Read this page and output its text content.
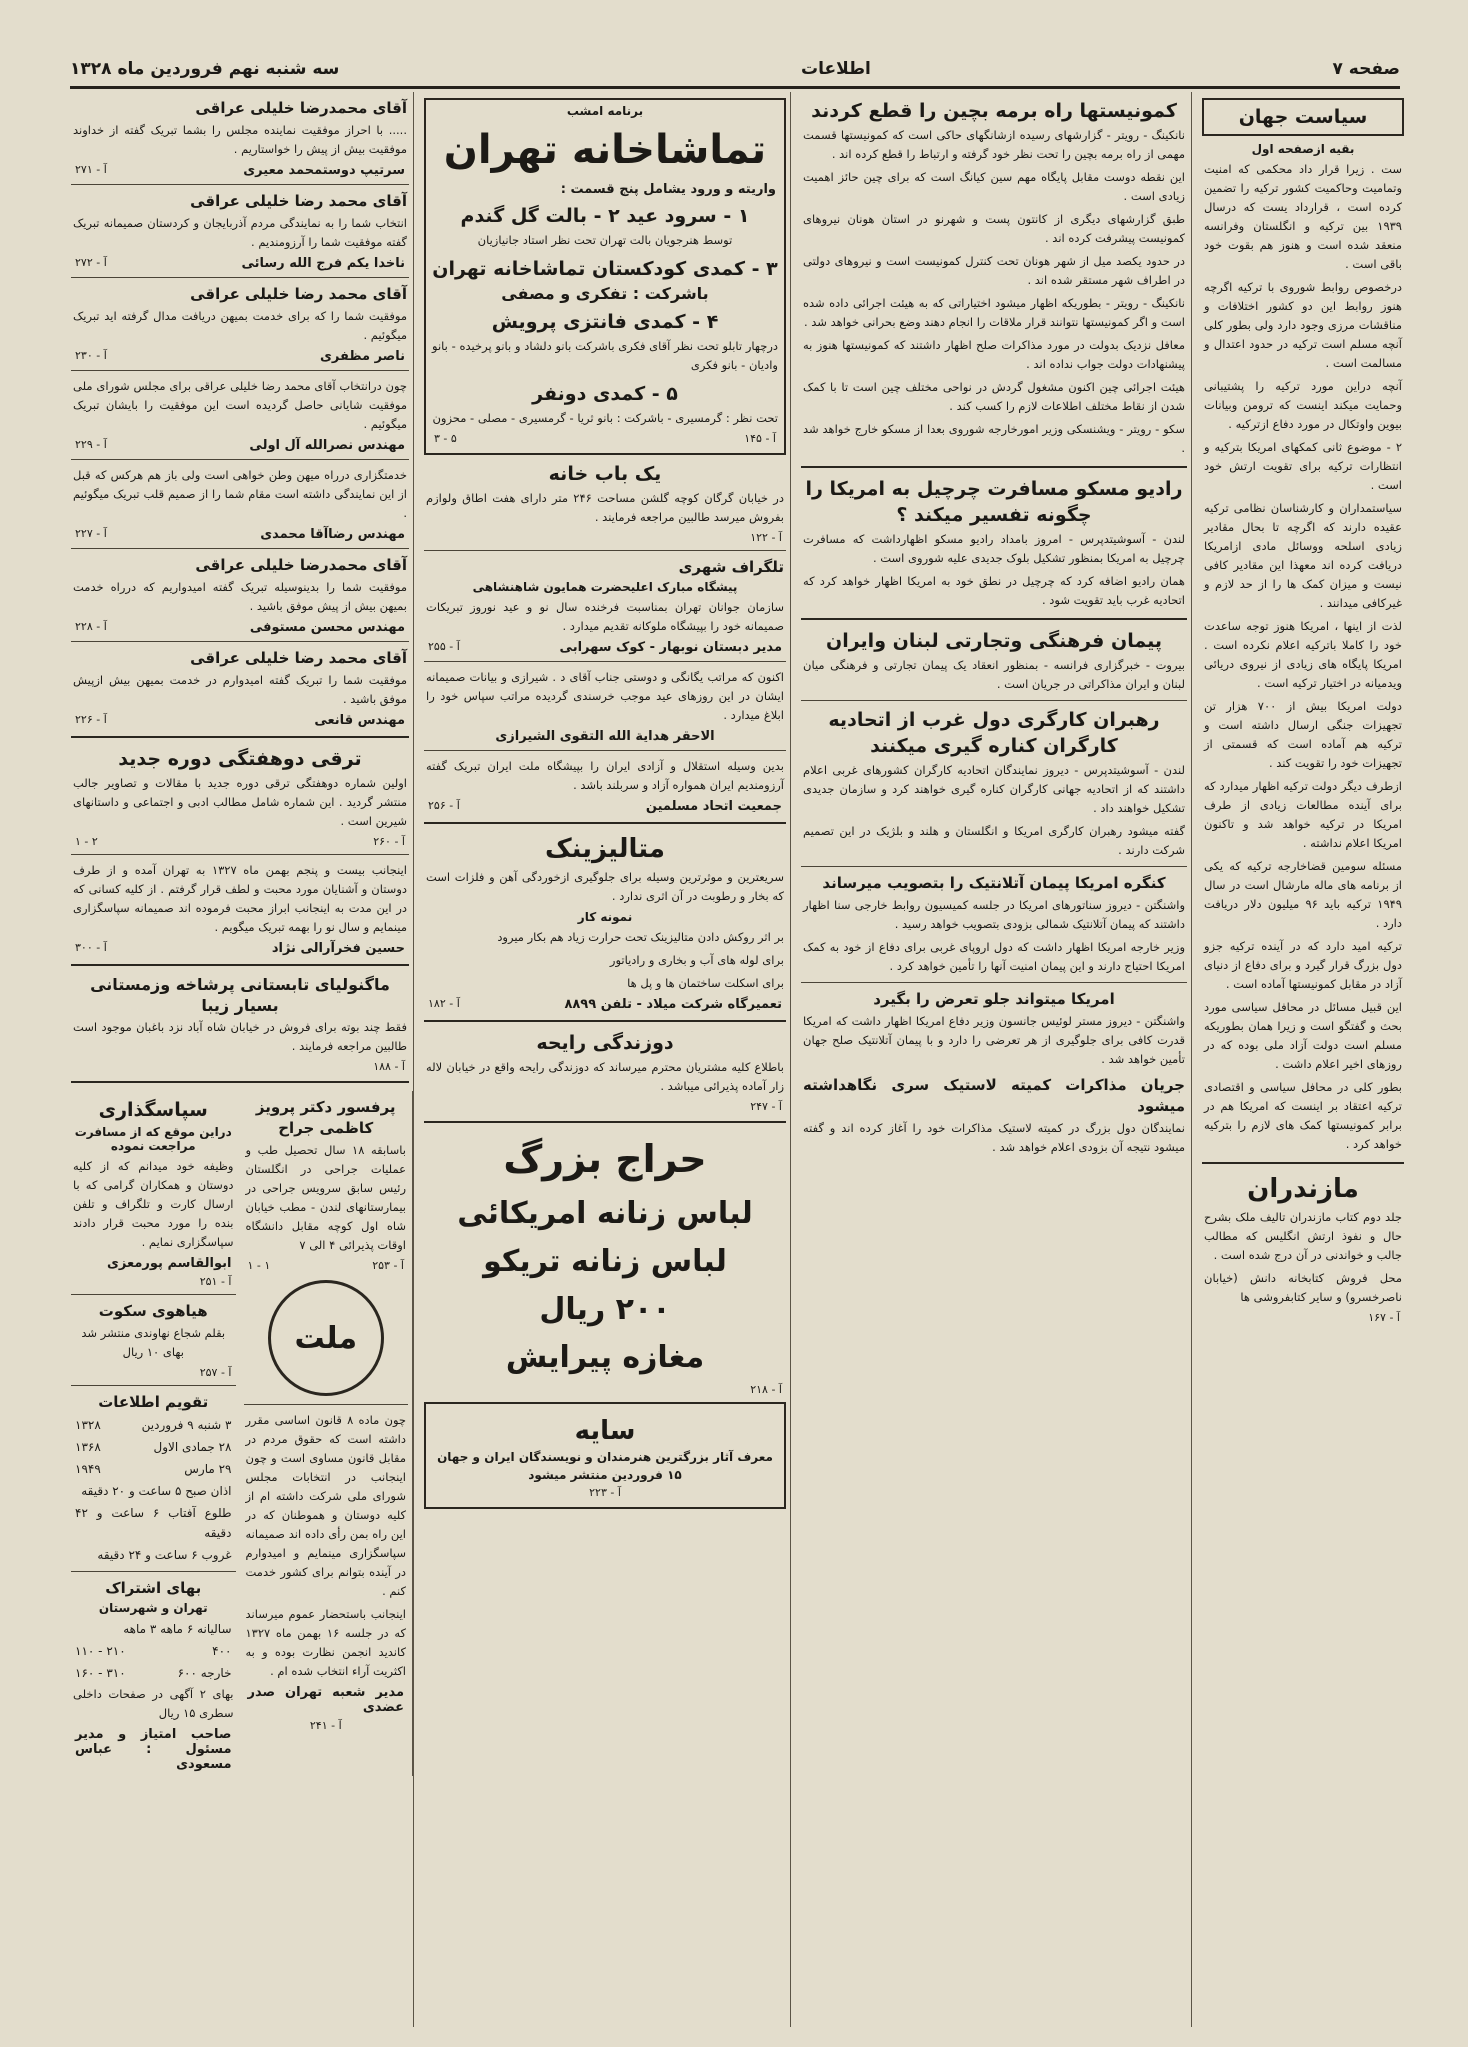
صفحه ۷
اطلاعات
سه شنبه نهم فروردین ماه ۱۳۲۸
سیاست جهان
بقیه ازصفحه اول

ست . زیرا قرار داد محکمی که امنیت وتمامیت وحاکمیت کشور ترکیه را تضمین کرده است ، قرارداد یست که درسال ۱۹۳۹ بین ترکیه و انگلستان وفرانسه منعقد شده است و هنوز هم بقوت خود باقی است .

درخصوص روابط شوروی با ترکیه اگرچه هنوز روابط این دو کشور اختلافات و مناقشات مرزی وجود دارد ولی بطور کلی آنچه مسلم است ترکیه در حدود اعتدال و مسالمت است .

آنچه دراین مورد ترکیه را پشتیبانی وحمایت میکند اینست که ترومن وبیانات بیوین واوتکال در مورد دفاع ازترکیه .

۲ - موضوع ثانی کمکهای امریکا بترکیه و انتظارات ترکیه برای تقویت ارتش خود است .

سیاستمداران و کارشناسان نظامی ترکیه عقیده دارند که اگرچه تا بحال مقادیر زیادی اسلحه ووسائل مادی ازامریکا دریافت کرده اند معهذا این مقادیر کافی نیست و میزان کمک ها را از حد لازم و غیرکافی میدانند .

لذت از اینها ، امریکا هنوز توجه ساعدت خود را کاملا باترکیه اعلام نکرده است . امریکا پایگاه های زیادی از نیروی دریائی ویدمیانه در اختیار ترکیه است .

دولت امریکا بیش از ۷۰۰ هزار تن تجهیزات جنگی ارسال داشته است و ترکیه هم آماده است که قسمتی از تجهیزات خود را تقویت کند .

ازطرف دیگر دولت ترکیه اظهار میدارد که برای آینده مطالعات زیادی از طرف امریکا در ترکیه خواهد شد و تاکنون امریکا اعلام نداشته .

مسئله سومین قضاخارجه ترکیه که یکی از برنامه های ماله مارشال است در سال ۱۹۴۹ ترکیه باید ۹۶ میلیون دلار دریافت دارد .

ترکیه امید دارد که در آینده ترکیه جزو دول بزرگ قرار گیرد و برای دفاع از دنیای آزاد در مقابل کمونیستها آماده است .

این قبیل مسائل در محافل سیاسی مورد بحث و گفتگو است و زیرا همان بطوریکه مسلم است دولت آزاد ملی بوده که در روزهای اخیر اعلام داشت .

بطور کلی در محافل سیاسی و اقتصادی ترکیه اعتقاد بر اینست که امریکا هم در برابر کمونیستها کمک های لازم را بترکیه خواهد کرد .

مازندران

جلد دوم کتاب مازندران تالیف ملک بشرح حال و نفوذ ارتش انگلیس که مطالب جالب و خواندنی در آن درج شده است .

محل فروش کتابخانه دانش (خیابان ناصرخسرو) و سایر کتابفروشی ها

آ - ۱۶۷
کمونیستها راه برمه بچین را قطع کردند

نانکینگ - رویتر - گزارشهای رسیده ازشانگهای حاکی است که کمونیستها قسمت مهمی از راه برمه بچین را تحت نظر خود گرفته و ارتباط را قطع کرده اند .

این نقطه دوست مقابل پایگاه مهم سین کیانگ است که برای چین حائز اهمیت زیادی است .

طبق گزارشهای دیگری از کانتون پست و شهرنو در استان هونان نیروهای کمونیست پیشرفت کرده اند .

در حدود یکصد میل از شهر هونان تحت کنترل کمونیست است و نیروهای دولتی در اطراف شهر مستقر شده اند .

نانکینگ - رویتر - بطوریکه اظهار میشود اختیاراتی که به هیئت اجرائی داده شده است و اگر کمونیستها نتوانند قرار ملاقات را انجام دهند وضع بحرانی خواهد شد .

معافل نزدیک بدولت در مورد مذاکرات صلح اظهار داشتند که کمونیستها هنوز به پیشنهادات دولت جواب نداده اند .

هیئت اجرائی چین اکنون مشغول گردش در نواحی مختلف چین است تا با کمک شدن از نقاط مختلف اطلاعات لازم را کسب کند .

سکو - رویتر - ویشنسکی وزیر امورخارجه شوروی بعدا از مسکو خارج خواهد شد .

رادیو مسکو مسافرت چرچیل به امریکا را چگونه تفسیر میکند ؟

لندن - آسوشیتدپرس - امروز بامداد رادیو مسکو اظهارداشت که مسافرت چرچیل به امریکا بمنظور تشکیل بلوک جدیدی علیه شوروی است .

همان رادیو اضافه کرد که چرچیل در نطق خود به امریکا اظهار خواهد کرد که اتحادیه غرب باید تقویت شود .

پیمان فرهنگی وتجارتی لبنان وایران

بیروت - خبرگزاری فرانسه - بمنظور انعقاد یک پیمان تجارتی و فرهنگی میان لبنان و ایران مذاکراتی در جریان است .

رهبران کارگری دول غرب از اتحادیه کارگران کناره گیری میکنند

لندن - آسوشیتدپرس - دیروز نمایندگان اتحادیه کارگران کشورهای غربی اعلام داشتند که از اتحادیه جهانی کارگران کناره گیری خواهند کرد و سازمان جدیدی تشکیل خواهند داد .

گفته میشود رهبران کارگری امریکا و انگلستان و هلند و بلژیک در این تصمیم شرکت دارند .

کنگره امریکا پیمان آتلانتیک را بتصویب میرساند

واشنگتن - دیروز سناتورهای امریکا در جلسه کمیسیون روابط خارجی سنا اظهار داشتند که پیمان آتلانتیک شمالی بزودی بتصویب خواهد رسید .

وزیر خارجه امریکا اظهار داشت که دول اروپای غربی برای دفاع از خود به کمک امریکا احتیاج دارند و این پیمان امنیت آنها را تأمین خواهد کرد .

امریکا میتواند جلو تعرض را بگیرد

واشنگتن - دیروز مستر لوئیس جانسون وزیر دفاع امریکا اظهار داشت که امریکا قدرت کافی برای جلوگیری از هر تعرضی را دارد و با پیمان آتلانتیک صلح جهان تأمین خواهد شد .

جریان مذاکرات کمیته لاستیک سری نگاهداشته میشود

نمایندگان دول بزرگ در کمیته لاستیک مذاکرات خود را آغاز کرده اند و گفته میشود نتیجه آن بزودی اعلام خواهد شد .

برنامه امشب
تماشاخانه تهران
واریته و ورود یشامل پنج قسمت :
۱ - سرود عید ۲ - بالت گل گندم

توسط هنرجویان بالت تهران تحت نظر استاد جانیازیان

۳ - کمدی کودکستان تماشاخانه تهران
باشرکت : تفکری و مصفی
۴ - کمدی فانتزی پرویش

درچهار تابلو تحت نظر آقای فکری باشرکت بانو دلشاد و بانو پرخیده - بانو وادیان - بانو فکری

۵ - کمدی دونفر

تحت نظر : گرمسیری - باشرکت : بانو ثریا - گرمسیری - مصلی - محزون

آ - ۱۴۵
۳ - ۵
یک باب خانه

در خیابان گرگان کوچه گلشن مساحت ۲۴۶ متر دارای هفت اطاق ولوازم بفروش میرسد طالبین مراجعه فرمایند .

آ - ۱۲۲
تلگراف شهری
پیشگاه مبارک اعلیحضرت همایون شاهنشاهی

سازمان جوانان تهران بمناسبت فرخنده سال نو و عید نوروز تبریکات صمیمانه خود را بپیشگاه ملوکانه تقدیم میدارد .

مدیر دبستان نوبهار - کوک سهرابی
آ - ۲۵۵

اکنون که مراتب یگانگی و دوستی جناب آقای د . شیرازی و بیانات صمیمانه ایشان در این روزهای عید موجب خرسندی گردیده مراتب سپاس خود را ابلاغ میدارد .

الاحقر هدایة الله التقوی الشیرازی

بدین وسیله استقلال و آزادی ایران را بپیشگاه ملت ایران تبریک گفته آرزومندیم ایران همواره آزاد و سربلند باشد .

جمعیت اتحاد مسلمین
آ - ۲۵۶
متالیزینک

سریعترین و موثرترین وسیله برای جلوگیری ازخوردگی آهن و فلزات است که بخار و رطوبت در آن اثری ندارد .

نمونه کار

بر اثر روکش دادن متالیزینک تحت حرارت زیاد هم بکار میرود

برای لوله های آب و بخاری و رادیاتور

برای اسکلت ساختمان ها و پل ها

تعمیرگاه شرکت میلاد - تلفن ۸۸۹۹
آ - ۱۸۲
دوزندگی رایحه

باطلاع کلیه مشتریان محترم میرساند که دوزندگی رایحه واقع در خیابان لاله زار آماده پذیرائی میباشد .

آ - ۲۴۷
حراج بزرگ
لباس زنانه امریکائی
لباس زنانه تریکو
۲۰۰ ریال
مغازه پیرایش
آ - ۲۱۸
سایه
معرف آثار بزرگترین هنرمندان و نویسندگان ایران و جهان
۱۵ فروردین منتشر میشود
آ - ۲۲۳
آقای محمدرضا خلیلی عراقی

..... با احراز موفقیت نماینده مجلس را بشما تبریک گفته از خداوند موفقیت بیش از پیش را خواستاریم .

سرتیپ دوستمحمد معیری
آ - ۲۷۱
آقای محمد رضا خلیلی عراقی

انتخاب شما را به نمایندگی مردم آذربایجان و کردستان صمیمانه تبریک گفته موفقیت شما را آرزومندیم .

ناخدا یکم فرج الله رسائی
آ - ۲۷۲
آقای محمد رضا خلیلی عراقی

موفقیت شما را که برای خدمت بمیهن دریافت مدال گرفته اید تبریک میگوئیم .

ناصر مظفری
آ - ۲۳۰

چون درانتخاب آقای محمد رضا خلیلی عراقی برای مجلس شورای ملی موفقیت شایانی حاصل گردیده است این موفقیت را بایشان تبریک میگوئیم .

مهندس نصرالله آل اولی
آ - ۲۲۹

خدمتگزاری درراه میهن وطن خواهی است ولی باز هم هرکس که قبل از این نمایندگی داشته است مقام شما را از صمیم قلب تبریک میگوئیم .

مهندس رضاآقا محمدی
آ - ۲۲۷
آقای محمدرضا خلیلی عراقی

موفقیت شما را بدینوسیله تبریک گفته امیدواریم که درراه خدمت بمیهن بیش از پیش موفق باشید .

مهندس محسن مستوفی
آ - ۲۲۸
آقای محمد رضا خلیلی عراقی

موفقیت شما را تبریک گفته امیدوارم در خدمت بمیهن بیش ازپیش موفق باشید .

مهندس قانعی
آ - ۲۲۶
ترقی دوهفتگی دوره جدید

اولین شماره دوهفتگی ترقی دوره جدید با مقالات و تصاویر جالب منتشر گردید . این شماره شامل مطالب ادبی و اجتماعی و داستانهای شیرین است .

آ - ۲۶۰
۱ - ۲

اینجانب بیست و پنجم بهمن ماه ۱۳۲۷ به تهران آمده و از طرف دوستان و آشنایان مورد محبت و لطف قرار گرفتم . از کلیه کسانی که در این مدت به اینجانب ابراز محبت فرموده اند صمیمانه سپاسگزاری مینمایم و سال نو را بهمه تبریک میگویم .

حسین فخرآرالی نژاد
آ - ۳۰۰
ماگنولیای تابستانی پرشاخه وزمستانی بسیار زیبا

فقط چند بوته برای فروش در خیابان شاه آباد نزد باغبان موجود است طالبین مراجعه فرمایند .

آ - ۱۸۸
سپاسگذاری
دراین موقع که از مسافرت مراجعت نموده

وظیفه خود میدانم که از کلیه دوستان و همکاران گرامی که با ارسال کارت و تلگراف و تلفن بنده را مورد محبت قرار دادند سپاسگزاری نمایم .

ابوالقاسم پورمعزی
آ - ۲۵۱
هیاهوی سکوت

بقلم شجاع نهاوندی منتشر شد بهای ۱۰ ریال

آ - ۲۵۷
تقویم اطلاعات
۳ شنبه ۹ فروردین
۱۳۲۸
۲۸ جمادی الاول
۱۳۶۸
۲۹ مارس
۱۹۴۹
اذان صبح ۵ ساعت و ۲۰ دقیقه
طلوع آفتاب ۶ ساعت و ۴۲ دقیقه
غروب ۶ ساعت و ۲۴ دقیقه
بهای اشتراک
تهران و شهرستان
سالیانه ۶ ماهه ۳ ماهه
۴۰۰
۲۱۰ - ۱۱۰
خارجه ۶۰۰
۳۱۰ - ۱۶۰

بهای ۲ آگهی در صفحات داخلی سطری ۱۵ ریال

صاحب امتیاز و مدیر مسئول : عباس مسعودی
پرفسور دکتر پرویز کاظمی جراح

باسابقه ۱۸ سال تحصیل طب و عملیات جراحی در انگلستان رئیس سابق سرویس جراحی در بیمارستانهای لندن - مطب خیابان شاه اول کوچه مقابل دانشگاه اوقات پذیرائی ۴ الی ۷

آ - ۲۵۳
۱ - ۱
ملت

چون ماده ۸ قانون اساسی مقرر داشته است که حقوق مردم در مقابل قانون مساوی است و چون اینجانب در انتخابات مجلس شورای ملی شرکت داشته ام از کلیه دوستان و هموطنان که در این راه بمن رأی داده اند صمیمانه سپاسگزاری مینمایم و امیدوارم در آینده بتوانم برای کشور خدمت کنم .

اینجانب باستحضار عموم میرساند که در جلسه ۱۶ بهمن ماه ۱۳۲۷ کاندید انجمن نظارت بوده و به اکثریت آراء انتخاب شده ام .

مدیر شعبه تهران صدر عضدی
آ - ۲۴۱
